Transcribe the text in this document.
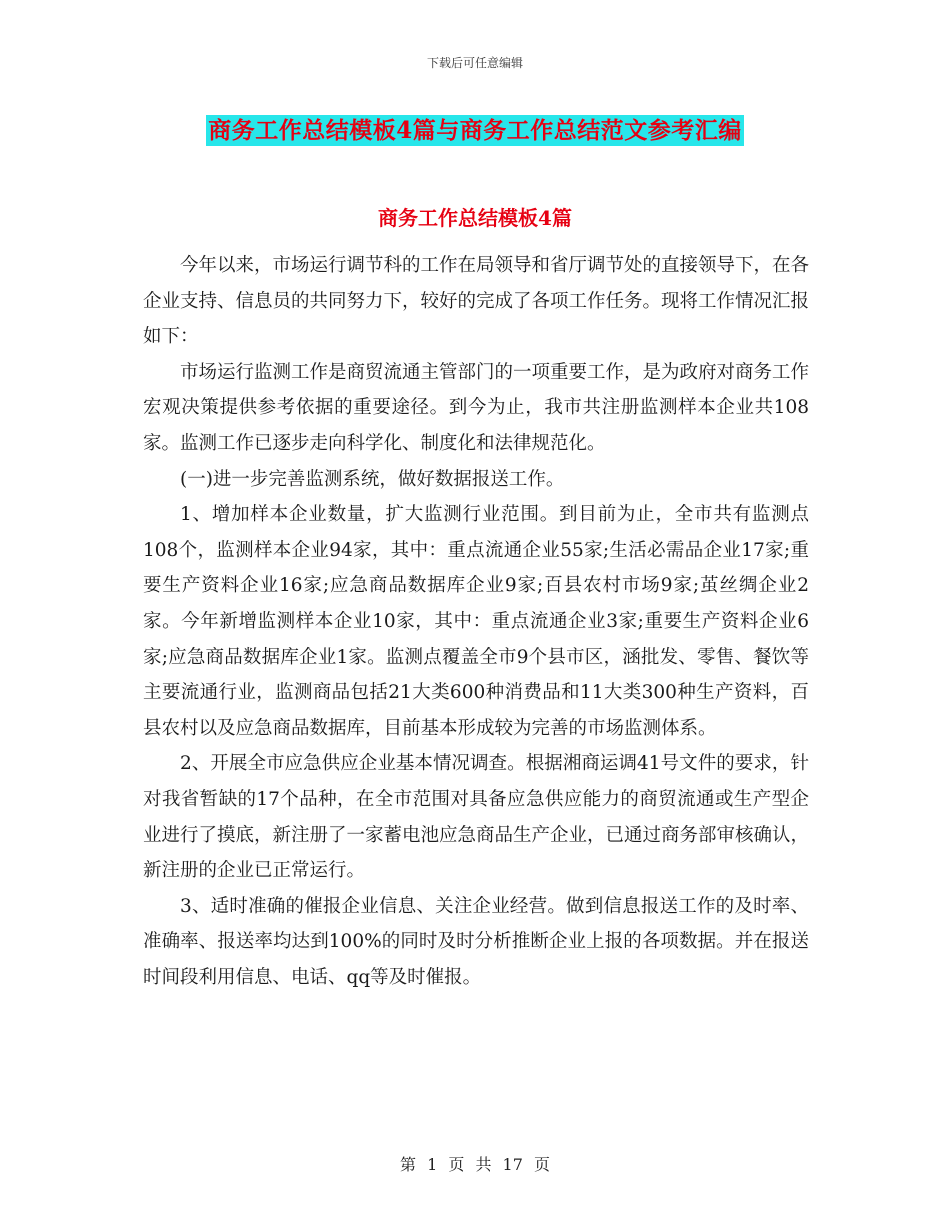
下载后可任意编辑
商务工作总结模板4篇与商务工作总结范文参考汇编
商务工作总结模板4篇

今年以来，市场运行调节科的工作在局领导和省厅调节处的直接领导下，在各企业支持、信息员的共同努力下，较好的完成了各项工作任务。现将工作情况汇报如下：

市场运行监测工作是商贸流通主管部门的一项重要工作，是为政府对商务工作宏观决策提供参考依据的重要途径。到今为止，我市共注册监测样本企业共108家。监测工作已逐步走向科学化、制度化和法律规范化。

(一)进一步完善监测系统，做好数据报送工作。

1、增加样本企业数量，扩大监测行业范围。到目前为止，全市共有监测点108个，监测样本企业94家，其中：重点流通企业55家;生活必需品企业17家;重要生产资料企业16家;应急商品数据库企业9家;百县农村市场9家;茧丝绸企业2家。今年新增监测样本企业10家，其中：重点流通企业3家;重要生产资料企业6家;应急商品数据库企业1家。监测点覆盖全市9个县市区，涵批发、零售、餐饮等主要流通行业，监测商品包括21大类600种消费品和11大类300种生产资料，百县农村以及应急商品数据库，目前基本形成较为完善的市场监测体系。

2、开展全市应急供应企业基本情况调查。根据湘商运调41号文件的要求，针对我省暂缺的17个品种，在全市范围对具备应急供应能力的商贸流通或生产型企业进行了摸底，新注册了一家蓄电池应急商品生产企业，已通过商务部审核确认，新注册的企业已正常运行。

3、适时准确的催报企业信息、关注企业经营。做到信息报送工作的及时率、准确率、报送率均达到100%的同时及时分析推断企业上报的各项数据。并在报送时间段利用信息、电话、qq等及时催报。

第 1 页 共 17 页
